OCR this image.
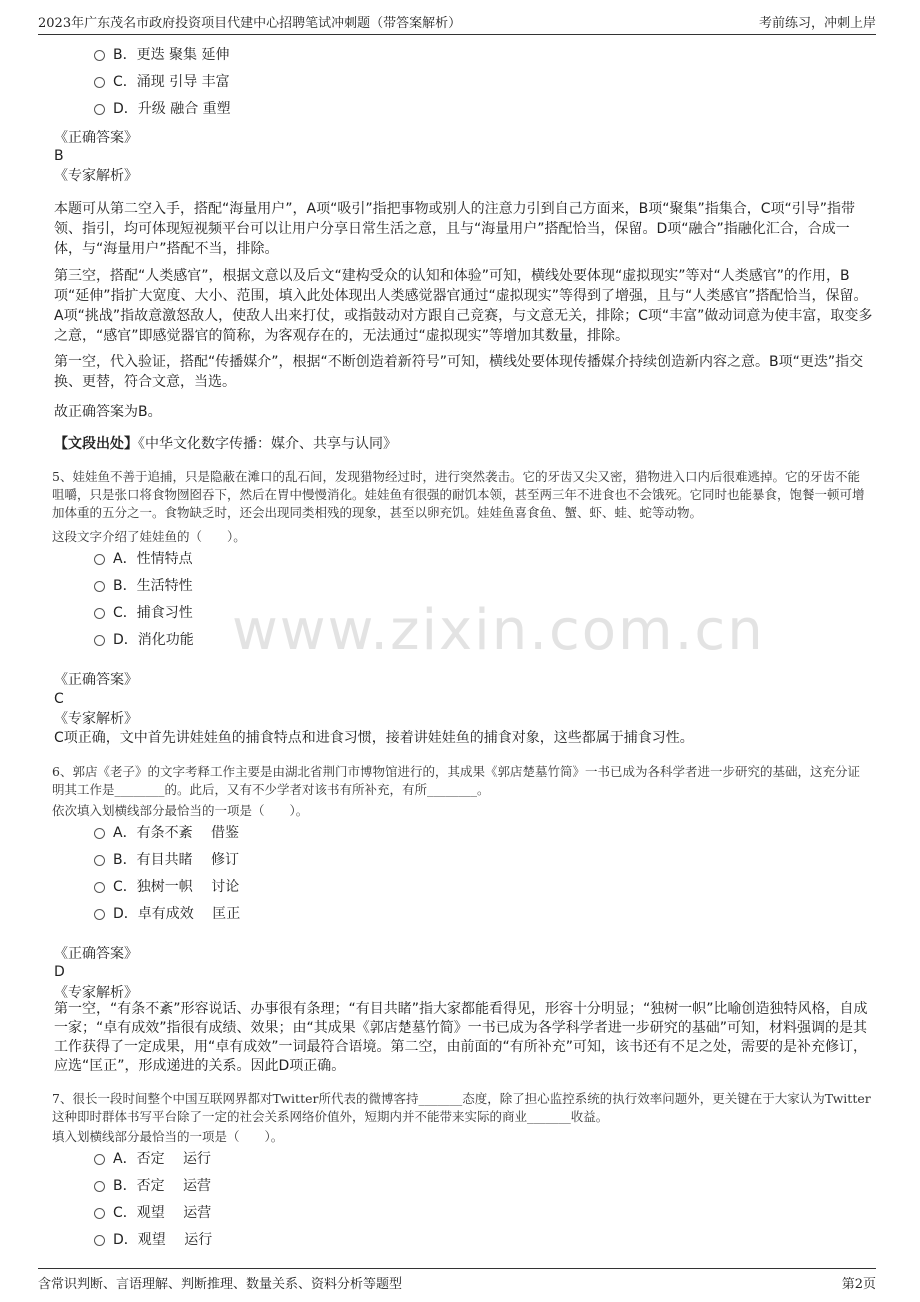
2023年广东茂名市政府投资项目代建中心招聘笔试冲刺题（带答案解析）	考前练习，冲刺上岸
www.zixin.com.cn
B．更迭 聚集 延伸
C．涌现 引导 丰富
D．升级 融合 重塑
《正确答案》
B
《专家解析》
本题可从第二空入手，搭配“海量用户”，A项“吸引”指把事物或别人的注意力引到自己方面来，B项“聚集”指集合，C项“引导”指带领、指引，均可体现短视频平台可以让用户分享日常生活之意，且与“海量用户”搭配恰当，保留。D项“融合”指融化汇合，合成一体，与“海量用户”搭配不当，排除。
第三空，搭配“人类感官”，根据文意以及后文“建构受众的认知和体验”可知，横线处要体现“虚拟现实”等对“人类感官”的作用，B项“延伸”指扩大宽度、大小、范围，填入此处体现出人类感觉器官通过“虚拟现实”等得到了增强，且与“人类感官”搭配恰当，保留。A项“挑战”指故意激怒敌人，使敌人出来打仗，或指鼓动对方跟自己竞赛，与文意无关，排除；C项“丰富”做动词意为使丰富，取变多之意，“感官”即感觉器官的简称，为客观存在的，无法通过“虚拟现实”等增加其数量，排除。
第一空，代入验证，搭配“传播媒介”，根据“不断创造着新符号”可知，横线处要体现传播媒介持续创造新内容之意。B项“更迭”指交换、更替，符合文意，当选。
故正确答案为B。
【文段出处】《中华文化数字传播：媒介、共享与认同》
5、娃娃鱼不善于追捕，只是隐蔽在滩口的乱石间，发现猎物经过时，进行突然袭击。它的牙齿又尖又密，猎物进入口内后很难逃掉。它的牙齿不能咀嚼，只是张口将食物囫囵吞下，然后在胃中慢慢消化。娃娃鱼有很强的耐饥本领，甚至两三年不进食也不会饿死。它同时也能暴食，饱餐一顿可增加体重的五分之一。食物缺乏时，还会出现同类相残的现象，甚至以卵充饥。娃娃鱼喜食鱼、蟹、虾、蛙、蛇等动物。
这段文字介绍了娃娃鱼的（　　）。
A．性情特点
B．生活特性
C．捕食习性
D．消化功能
《正确答案》
C
《专家解析》
C项正确，文中首先讲娃娃鱼的捕食特点和进食习惯，接着讲娃娃鱼的捕食对象，这些都属于捕食习性。
6、郭店《老子》的文字考释工作主要是由湖北省荆门市博物馆进行的，其成果《郭店楚墓竹简》一书已成为各科学者进一步研究的基础，这充分证明其工作是________的。此后，又有不少学者对该书有所补充，有所________。
依次填入划横线部分最恰当的一项是（　　）。
A．有条不紊　 借鉴
B．有目共睹　 修订
C．独树一帜　 讨论
D．卓有成效　 匡正
《正确答案》
D
《专家解析》
第一空，“有条不紊”形容说话、办事很有条理；“有目共睹”指大家都能看得见，形容十分明显；“独树一帜”比喻创造独特风格，自成一家；“卓有成效”指很有成绩、效果；由“其成果《郭店楚墓竹简》一书已成为各学科学者进一步研究的基础”可知，材料强调的是其工作获得了一定成果，用“卓有成效”一词最符合语境。第二空，由前面的“有所补充”可知，该书还有不足之处，需要的是补充修订，应选“匡正”，形成递进的关系。因此D项正确。
7、很长一段时间整个中国互联网界都对Twitter所代表的微博客持_______态度，除了担心监控系统的执行效率问题外，更关键在于大家认为Twitter这种即时群体书写平台除了一定的社会关系网络价值外，短期内并不能带来实际的商业_______收益。
填入划横线部分最恰当的一项是（　　）。
A．否定　 运行
B．否定　 运营
C．观望　 运营
D．观望　 运行
含常识判断、言语理解、判断推理、数量关系、资料分析等题型	第2页
